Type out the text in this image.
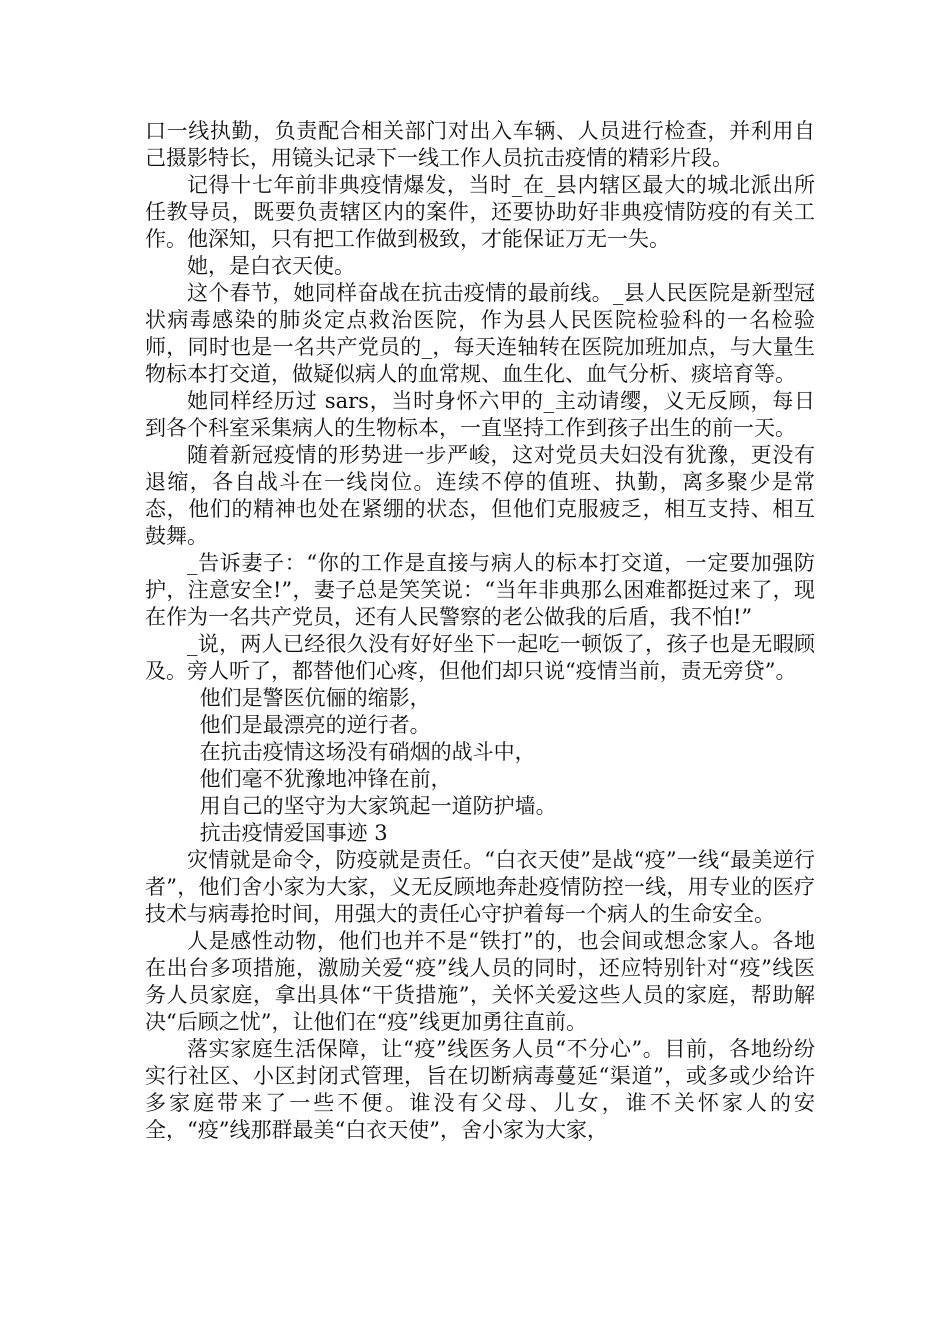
口一线执勤，负责配合相关部门对出入车辆、人员进行检查，并利用自己摄影特长，用镜头记录下一线工作人员抗击疫情的精彩片段。

记得十七年前非典疫情爆发，当时_在_县内辖区最大的城北派出所任教导员，既要负责辖区内的案件，还要协助好非典疫情防疫的有关工作。他深知，只有把工作做到极致，才能保证万无一失。

她，是白衣天使。

这个春节，她同样奋战在抗击疫情的最前线。_县人民医院是新型冠状病毒感染的肺炎定点救治医院，作为县人民医院检验科的一名检验师，同时也是一名共产党员的_，每天连轴转在医院加班加点，与大量生物标本打交道，做疑似病人的血常规、血生化、血气分析、痰培育等。

她同样经历过 sars，当时身怀六甲的_主动请缨，义无反顾，每日到各个科室采集病人的生物标本，一直坚持工作到孩子出生的前一天。

随着新冠疫情的形势进一步严峻，这对党员夫妇没有犹豫，更没有退缩，各自战斗在一线岗位。连续不停的值班、执勤，离多聚少是常态，他们的精神也处在紧绷的状态，但他们克服疲乏，相互支持、相互鼓舞。

_告诉妻子：“你的工作是直接与病人的标本打交道，一定要加强防护，注意安全!”，妻子总是笑笑说：“当年非典那么困难都挺过来了，现在作为一名共产党员，还有人民警察的老公做我的后盾，我不怕!”

_说，两人已经很久没有好好坐下一起吃一顿饭了，孩子也是无暇顾及。旁人听了，都替他们心疼，但他们却只说“疫情当前，责无旁贷”。

他们是警医伉俪的缩影，

他们是最漂亮的逆行者。

在抗击疫情这场没有硝烟的战斗中，

他们毫不犹豫地冲锋在前，

用自己的坚守为大家筑起一道防护墙。

抗击疫情爱国事迹 3

灾情就是命令，防疫就是责任。“白衣天使”是战“疫”一线“最美逆行者”，他们舍小家为大家，义无反顾地奔赴疫情防控一线，用专业的医疗技术与病毒抢时间，用强大的责任心守护着每一个病人的生命安全。

人是感性动物，他们也并不是“铁打”的，也会间或想念家人。各地在出台多项措施，激励关爱“疫”线人员的同时，还应特别针对“疫”线医务人员家庭，拿出具体“干货措施”，关怀关爱这些人员的家庭，帮助解决“后顾之忧”，让他们在“疫”线更加勇往直前。

落实家庭生活保障，让“疫”线医务人员“不分心”。目前，各地纷纷实行社区、小区封闭式管理，旨在切断病毒蔓延“渠道”，或多或少给许多家庭带来了一些不便。谁没有父母、儿女，谁不关怀家人的安全，“疫”线那群最美“白衣天使”，舍小家为大家，
